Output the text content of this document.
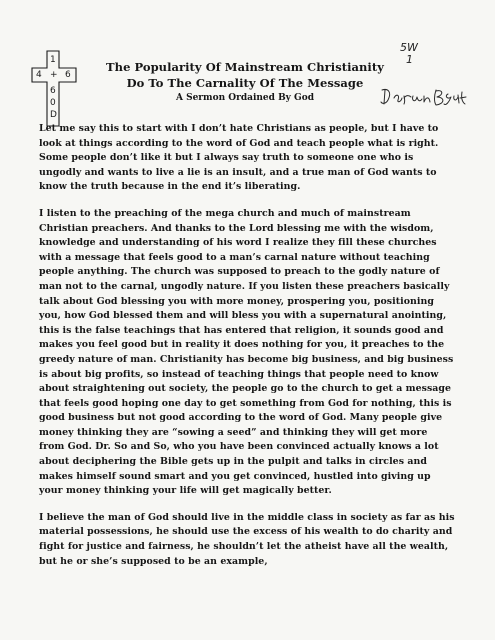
1
4 + 6
6
0
D
The Popularity Of Mainstream Christianity
Do To The Carnality Of The Message
A Sermon Ordained By God
5W
1

Let me say this to start with I don’t hate Christians as people, but I have to look at things according to the word of God and teach people what is right. Some people don’t like it but I always say truth to someone one who is ungodly and wants to live a lie is an insult, and a true man of God wants to know the truth because in the end it’s liberating.

I listen to the preaching of the mega church and much of mainstream Christian preachers. And thanks to the Lord blessing me with the wisdom, knowledge and understanding of his word I realize they fill these churches with a message that feels good to a man’s carnal nature without teaching people anything. The church was supposed to preach to the godly nature of man not to the carnal, ungodly nature. If you listen these preachers basically talk about God blessing you with more money, prospering you, positioning you, how God blessed them and will bless you with a supernatural anointing, this is the false teachings that has entered that religion, it sounds good and makes you feel good but in reality it does nothing for you, it preaches to the greedy nature of man. Christianity has become big business, and big business is about big profits, so instead of teaching things that people need to know about straightening out society, the people go to the church to get a message that feels good hoping one day to get something from God for nothing, this is good business but not good according to the word of God. Many people give money thinking they are “sowing a seed” and thinking they will get more from God. Dr. So and So, who you have been convinced actually knows a lot about deciphering the Bible gets up in the pulpit and talks in circles and makes himself sound smart and you get convinced, hustled into giving up your money thinking your life will get magically better.

I believe the man of God should live in the middle class in society as far as his material possessions, he should use the excess of his wealth to do charity and fight for justice and fairness, he shouldn’t let the atheist have all the wealth, but he or she’s supposed to be an example,
